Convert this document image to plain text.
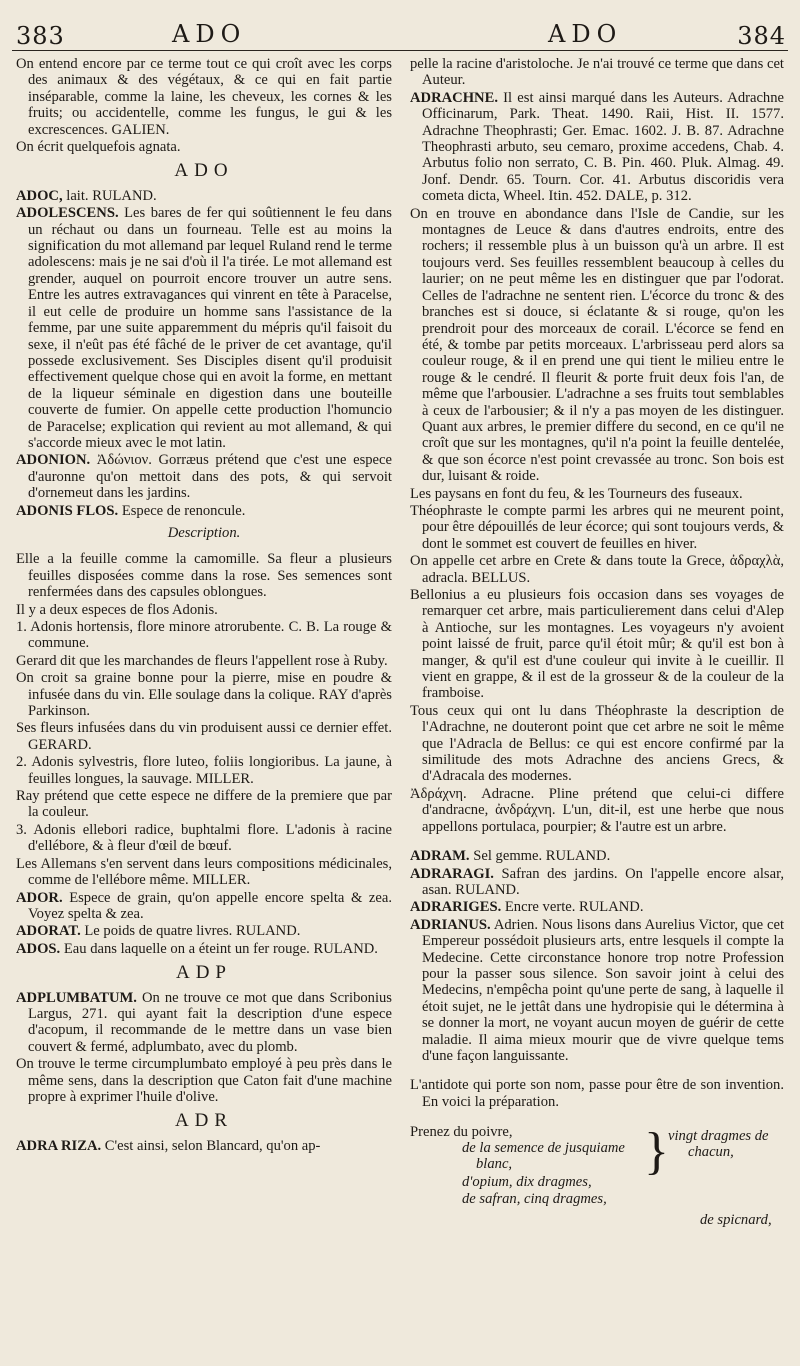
383	ADO	ADO	384

On entend encore par ce terme tout ce qui croît avec les corps des animaux & des végétaux, & ce qui en fait partie inséparable, comme la laine, les cheveux, les cornes & les fruits; ou accidentelle, comme les fungus, le gui & les excrescences. GALIEN.

On écrit quelquefois agnata.

ADO

ADOC, lait. RULAND.

ADOLESCENS. Les bares de fer qui soûtiennent le feu dans un réchaut ou dans un fourneau. Telle est au moins la signification du mot allemand par lequel Ruland rend le terme adolescens: mais je ne sai d'où il l'a tirée. Le mot allemand est grender, auquel on pourroit encore trouver un autre sens. Entre les autres extravagances qui vinrent en tête à Paracelse, il eut celle de produire un homme sans l'assistance de la femme, par une suite apparemment du mépris qu'il faisoit du sexe, il n'eût pas été fâché de le priver de cet avantage, qu'il possede exclusivement. Ses Disciples disent qu'il produisit effectivement quelque chose qui en avoit la forme, en mettant de la liqueur séminale en digestion dans une bouteille couverte de fumier. On appelle cette production l'homuncio de Paracelse; explication qui revient au mot allemand, & qui s'accorde mieux avec le mot latin.

ADONION. Ἀδώνιον. Gorræus prétend que c'est une espece d'auronne qu'on mettoit dans des pots, & qui servoit d'ornemeut dans les jardins.

ADONIS FLOS. Espece de renoncule.

Description.

Elle a la feuille comme la camomille. Sa fleur a plusieurs feuilles disposées comme dans la rose. Ses semences sont renfermées dans des capsules oblongues.

Il y a deux especes de flos Adonis.

1. Adonis hortensis, flore minore atrorubente. C. B. La rouge & commune.

Gerard dit que les marchandes de fleurs l'appellent rose à Ruby.

On croit sa graine bonne pour la pierre, mise en poudre & infusée dans du vin. Elle soulage dans la colique. RAY d'après Parkinson.

Ses fleurs infusées dans du vin produisent aussi ce dernier effet. GERARD.

2. Adonis sylvestris, flore luteo, foliis longioribus. La jaune, à feuilles longues, la sauvage. MILLER.

Ray prétend que cette espece ne differe de la premiere que par la couleur.

3. Adonis ellebori radice, buphtalmi flore. L'adonis à racine d'ellébore, & à fleur d'œil de bœuf.

Les Allemans s'en servent dans leurs compositions médicinales, comme de l'ellébore même. MILLER.

ADOR. Espece de grain, qu'on appelle encore spelta & zea. Voyez spelta & zea.

ADORAT. Le poids de quatre livres. RULAND.

ADOS. Eau dans laquelle on a éteint un fer rouge. RULAND.

ADP

ADPLUMBATUM. On ne trouve ce mot que dans Scribonius Largus, 271. qui ayant fait la description d'une espece d'acopum, il recommande de le mettre dans un vase bien couvert & fermé, adplumbato, avec du plomb.

On trouve le terme circumplumbato employé à peu près dans le même sens, dans la description que Caton fait d'une machine propre à exprimer l'huile d'olive.

ADR

ADRA RIZA. C'est ainsi, selon Blancard, qu'on ap-

pelle la racine d'aristoloche. Je n'ai trouvé ce terme que dans cet Auteur.

ADRACHNE. Il est ainsi marqué dans les Auteurs. Adrachne Officinarum, Park. Theat. 1490. Raii, Hist. II. 1577. Adrachne Theophrasti; Ger. Emac. 1602. J. B. 87. Adrachne Theophrasti arbuto, seu cemaro, proxime accedens, Chab. 4. Arbutus folio non serrato, C. B. Pin. 460. Pluk. Almag. 49. Jonf. Dendr. 65. Tourn. Cor. 41. Arbutus discoridis vera cometa dicta, Wheel. Itin. 452. DALE, p. 312.

On en trouve en abondance dans l'Isle de Candie, sur les montagnes de Leuce & dans d'autres endroits, entre des rochers; il ressemble plus à un buisson qu'à un arbre. Il est toujours verd. Ses feuilles ressemblent beaucoup à celles du laurier; on ne peut même les en distinguer que par l'odorat. Celles de l'adrachne ne sentent rien. L'écorce du tronc & des branches est si douce, si éclatante & si rouge, qu'on les prendroit pour des morceaux de corail. L'écorce se fend en été, & tombe par petits morceaux. L'arbrisseau perd alors sa couleur rouge, & il en prend une qui tient le milieu entre le rouge & le cendré. Il fleurit & porte fruit deux fois l'an, de même que l'arbousier. L'adrachne a ses fruits tout semblables à ceux de l'arbousier; & il n'y a pas moyen de les distinguer. Quant aux arbres, le premier differe du second, en ce qu'il ne croît que sur les montagnes, qu'il n'a point la feuille dentelée, & que son écorce n'est point crevassée au tronc. Son bois est dur, luisant & roide.

Les paysans en font du feu, & les Tourneurs des fuseaux.

Théophraste le compte parmi les arbres qui ne meurent point, pour être dépouillés de leur écorce; qui sont toujours verds, & dont le sommet est couvert de feuilles en hiver.

On appelle cet arbre en Crete & dans toute la Grece, ἀδραχλὰ, adracla. BELLUS.

Bellonius a eu plusieurs fois occasion dans ses voyages de remarquer cet arbre, mais particulierement dans celui d'Alep à Antioche, sur les montagnes. Les voyageurs n'y avoient point laissé de fruit, parce qu'il étoit mûr; & qu'il est bon à manger, & qu'il est d'une couleur qui invite à le cueillir. Il vient en grappe, & il est de la grosseur & de la couleur de la framboise.

Tous ceux qui ont lu dans Théophraste la description de l'Adrachne, ne douteront point que cet arbre ne soit le même que l'Adracla de Bellus: ce qui est encore confirmé par la similitude des mots Adrachne des anciens Grecs, & d'Adracala des modernes.

Ἀδράχνη. Adracne. Pline prétend que celui-ci differe d'andracne, ἀνδράχνη. L'un, dit-il, est une herbe que nous appellons portulaca, pourpier; & l'autre est un arbre.

ADRAM. Sel gemme. RULAND.

ADRARAGI. Safran des jardins. On l'appelle encore alsar, asan. RULAND.

ADRARIGES. Encre verte. RULAND.

ADRIANUS. Adrien. Nous lisons dans Aurelius Victor, que cet Empereur possédoit plusieurs arts, entre lesquels il compte la Medecine. Cette circonstance honore trop notre Profession pour la passer sous silence. Son savoir joint à celui des Medecins, n'empêcha point qu'une perte de sang, à laquelle il étoit sujet, ne le jettât dans une hydropisie qui le détermina à se donner la mort, ne voyant aucun moyen de guérir de cette maladie. Il aima mieux mourir que de vivre quelque tems d'une façon languissante.

L'antidote qui porte son nom, passe pour être de son invention. En voici la préparation.

Prenez du poivre,
de la semence de jusquiame
blanc,
d'opium, dix dragmes,
de safran, cinq dragmes,
} vingt dragmes de
chacun,
de spicnard,
